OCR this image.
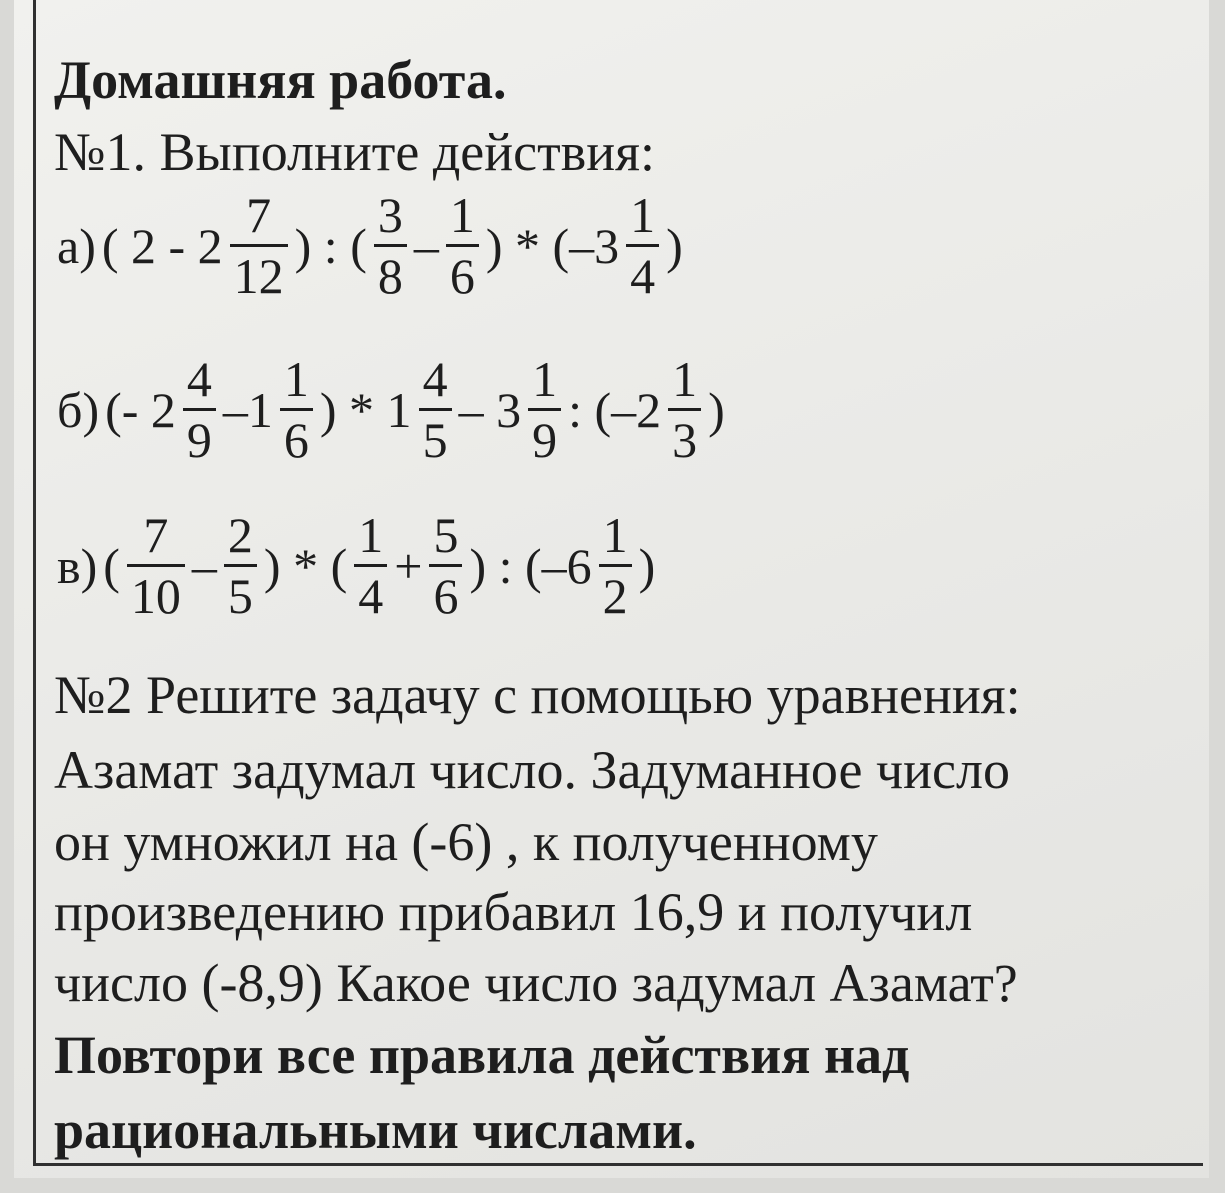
Домашняя работа.
№1. Выполните действия:
а) ( $2 - 2 \frac{7}{12}$ ) : ( $\frac{3}{8} - \frac{1}{6}$ ) * ($-3 \frac{1}{4}$ )
б) (- $2 \frac{4}{9} -1 \frac{1}{6}$ ) * $1 \frac{4}{5} - 3 \frac{1}{9}$ : ($-2 \frac{1}{3}$ )
в) ( $\frac{7}{10} - \frac{2}{5}$ ) * ( $\frac{1}{4} + \frac{5}{6}$ ) : ($-6 \frac{1}{2}$ )
№2 Решите задачу с помощью уравнения:
Азамат задумал число. Задуманное число
он умножил на (-6) , к полученному
произведению прибавил 16,9 и получил
число (-8,9) Какое число задумал Азамат?
Повтори все правила действия над
рациональными числами.
